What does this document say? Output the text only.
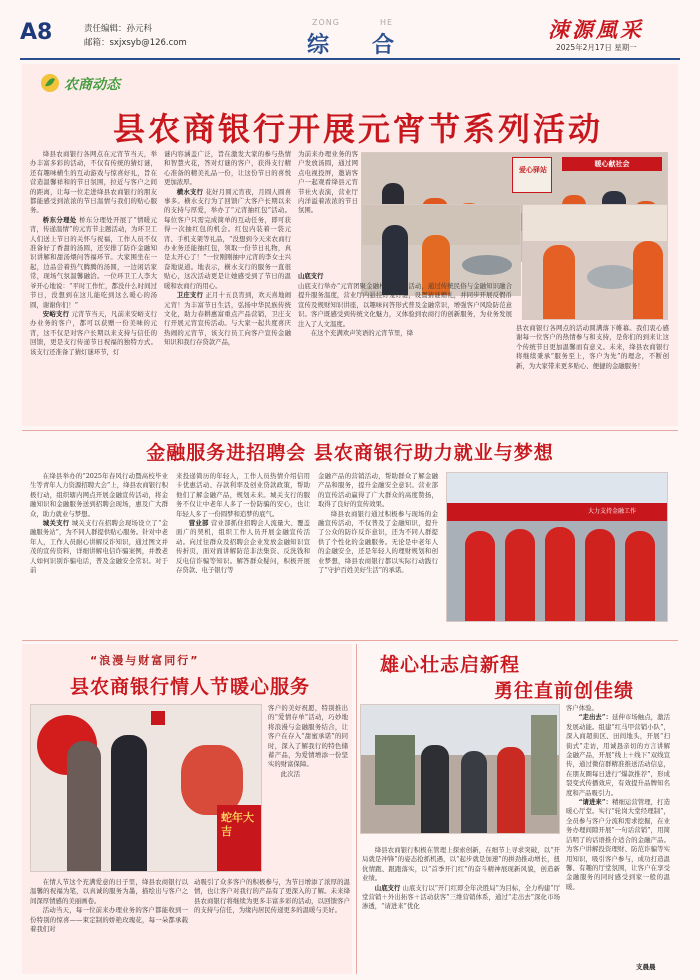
A8	责任编辑：孙元科
邮箱：sxjxsyb@126.com
ZONG	HE
综 合
涑源風采
2025年2月17日 星期一
农商动态
县农商银行开展元宵节系列活动

绛县农商银行各网点在元宵节当天，举办丰富多彩的活动，不仅有传统的猜灯谜，还有趣味横生的互动游戏与惊喜好礼，旨在营造温馨祥和的节日氛围，拉近与客户之间的距离，让每一位走进绛县农商银行的朋友都能感受到浓浓的节日温情与我们的贴心服务。

桥东分理处 桥东分理处开展了“情暖元宵，传递温情”的元宵节主题活动，为环卫工人们送上节日的关怀与祝福，工作人员不仅准备好了香甜的汤圆，还安排了防诈金融知识讲解和甜汤煨问答福环节。大家围坐在一起，边品尝着热气腾腾的汤圆，一边闲话家常，现场气氛温馨融洽。一位环卫工人李大爷开心地说：“平时工作忙，都没什么时间过节日，没想到在这儿能吃到这么暖心的汤圆，谢谢你们！”

安峪支行 元宵节当天，凡前来安峪支行办业务的客户，都可以获赠一份美味的元宵，这不仅是对客户长期以来支持与信任的回馈，更是支行传递节日祝福的独特方式。该支行还准备了猜灯谜环节，灯

谜内容涵盖广泛，旨在激发大家的参与热情和智慧火花，答对灯谜的客户，获得支行精心准备的精美礼品一份，让这份节日的喜悦更加浓厚。

横水支行 花好月圆元宵夜，月圆人圆喜事多。横水支行为了回馈广大客户长期以来的支持与厚爱，举办了“元宵抽红包”活动。每位客户只需完成简单的互动任务，即可获得一次抽红包的机会。红包内装着一袋元宵、手机支架等礼品，“没想到今天来农商行办业务还能抽红包，领取一份节日礼物，真是太开心了！”一位刚刚抽中元宵的李女士兴奋地说道。地表示，横水支行的服务一直很贴心，这次活动更是让她感受到了节日的温暖和农商行的用心。

卫庄支行 正月十五良宵到，欢天喜地闹元宵！为丰富节日生活，弘扬中华民族传统文化，助力春耕惠富重点产品营销，卫庄支行开展元宵宣传活动。与大家一起共度喜庆热闹的元宵节，该支行员工向客户宣传金融知识和我行存贷款产品，

为前来办理业务的客户发放汤圆，通过网点电视投屏，邀请客户一起观看绛县元宵节社火表演，营业厅内洋溢着浓浓的节日氛围。

爱心驿站
暖心献社会

山底支行

山底支行举办“元宵团聚金融相伴”主题活动，通过传统民俗与金融知识融合提升服务温度，营业厅内悬挂灯笼灯谜，设置猜谜赠礼，并同步开展反假币宣传及规财知识讲座，以趣味问答形式普及金融常识，增强客户风险防范意识。客户既感受到传统文化魅力，又体验到农商行的创新服务，为业务发展注入了人文温度。

在这个充满欢声笑语的元宵节里，绛

县农商银行各网点的活动圆满落下帷幕。我们衷心感谢每一位客户的热情参与和支持，是你们的到来让这个传统节日更加温馨而有意义。未来，绛县农商银行将继续秉承“服务至上，客户为先”的理念，不断创新，为大家带来更多贴心、便捷的金融服务！

金融服务进招聘会 县农商银行助力就业与梦想

在绛县举办的“2025年春风行动暨高校毕业生等青年人力资源招聘大会”上，绛县农商银行积极行动，组织辖内网点开展金融宣传活动，将金融知识和金融服务送到招聘会现场，惠及广大群众，助力就业与梦想。

城关支行 城关支行在招聘会现场设立了“金融服务站”，为不同人群提供贴心服务。针对中老年人，工作人员耐心讲解反诈知识，通过图文并茂的宣传资料，详细讲解电信诈骗案例，并教老人如何识别诈骗电话，普及金融安全常识。对于前

来投递简历的年轻人，工作人员热情介绍信用卡优惠活动、存款利率及创业贷款政策，帮助他们了解金融产品，规划未来。城关支行的服务不仅让中老年人多了一份防骗的安心，也让年轻人多了一份圆梦和追梦的底气。

营业部 营业部抓住招聘会人流量大、覆盖面广的契机，组织工作人员开展金融宣传活动。向过往群众及招聘会企业发放金融知识宣传折页，面对面讲解防范非法集资、反洗钱和反电信诈骗等知识。解答群众疑问，积极开展存贷款、电子银行等

金融产品的营销活动，帮助群众了解金融产品和服务，提升金融安全意识。营业部的宣传活动赢得了广大群众的高度赞扬，取得了良好的宣传效果。

绛县农商银行通过积极参与现场的金融宣传活动，不仅普及了金融知识，提升了公众的防诈反诈意识，还为不同人群提供了个性化的金融服务。无论是中老年人的金融安全，还是年轻人的理财规划和创业梦想，绛县农商银行都以实际行动践行了“守护百姓美好生活”的承诺。

大力支持金融工作
“浪漫与财富同行”
县农商银行情人节暖心服务
蛇年大吉

客户的美好祝愿，特别推出的“爱情存单”活动，巧妙地将浪漫与金融服务结合，让客户在存入“甜蜜承诺”的同时，深入了解我行的特色储蓄产品，为爱情增添一份坚实的财富保障。

此次活

在情人节这个充满爱意的日子里，绛县农商银行以温馨的祝福为笔，以真诚的服务为墨，描绘出与客户之间深厚情感的美丽画卷。

活动当天，每一位前来办理业务的客户都能收到一份特别的惊喜——束定制的娇艳玫瑰花，每一朵都承载着我们对

动吸引了众多客户的积极参与，为节日增添了浓厚的温情，也让客户对我行的产品有了更深入的了解。未来绛县农商银行将继续为更多丰富多彩的活动，以回馈客户的支持与信任，为缘内居民传递更多的温暖与美好。

雄心壮志启新程
勇往直前创佳绩

客户体验。

“走出去”：延伸市场触点，激活发展动能。组建“红马甲营销小队”，深入商超街区、田间地头，开展“扫街式”走访，用诚恳亲切的方言讲解金融产品，开展“线上＋线下”双线宣传，通过微信群精准推送活动信息，在朋友圈每日进行“爆款推荐”，形成裂变式传播效应，有效提升品牌知名度和产品吸引力。

“请进来”：精细运营管理，打造暖心厅堂。实行“轮岗大堂经理制”，全员参与客户分流和需求挖掘，在业务办理间隙开展“一句话营销”，用简洁明了的话语推介适合的金融产品。为客户讲解投资理财、防范诈骗等实用知识，吸引客户参与，成功打造温馨、有趣的厅堂氛围，让客户在享受金融服务的同时感受到家一般的温暖。

绛县农商银行积极在管理上探索创新，在细节上寻求突破，以“开局就是冲锋”的姿态抢抓机遇，以“起步就是加速”的拼劲推动增长，扭伉情跑、跟跑落实，以“首季开门红”的奋斗精神展现新风貌，创造新业绩。

山底支行 山底支行以“开门红即全年决胜局”为目标，全力构建“厅堂营销＋外出拓客＋活动获客”三维营销体系，通过“走出去”深化市场渗透，“请进来”优化

支晨晨
